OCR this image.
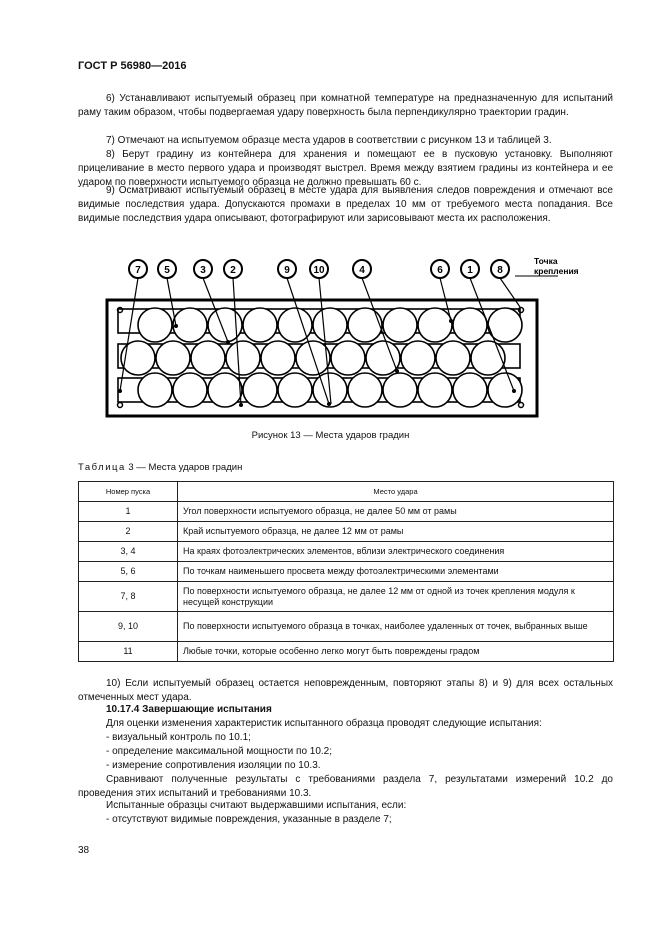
ГОСТ Р 56980—2016
6) Устанавливают испытуемый образец при комнатной температуре на предназначенную для испытаний раму таким образом, чтобы подвергаемая удару поверхность была перпендикулярно траектории градин.
7) Отмечают на испытуемом образце места ударов в соответствии с рисунком 13 и таблицей 3.
8) Берут градину из контейнера для хранения и помещают ее в пусковую установку. Выполняют прицеливание в место первого удара и производят выстрел. Время между взятием градины из контейнера и ее ударом по поверхности испытуемого образца не должно превышать 60 с.
9) Осматривают испытуемый образец в месте удара для выявления следов повреждения и отмечают все видимые последствия удара. Допускаются промахи в пределах 10 мм от требуемого места попадания. Все видимые последствия удара описывают, фотографируют или зарисовывают места их расположения.
7 5	3 2	9 10	4	6 1 8
Точка
крепления
Рисунок 13 — Места ударов градин
Таблица 3 — Места ударов градин
Номер пуска	Место удара
1	Угол поверхности испытуемого образца, не далее 50 мм от рамы
2	Край испытуемого образца, не далее 12 мм от рамы
3, 4	На краях фотоэлектрических элементов, вблизи электрического соединения
5, 6	По точкам наименьшего просвета между фотоэлектрическими элементами
7, 8	По поверхности испытуемого образца, не далее 12 мм от одной из точек крепления модуля к несущей конструкции
9, 10	По поверхности испытуемого образца в точках, наиболее удаленных от точек, выбранных выше
11	Любые точки, которые особенно легко могут быть повреждены градом
10) Если испытуемый образец остается неповрежденным, повторяют этапы 8) и 9) для всех остальных отмеченных мест удара.
10.17.4 Завершающие испытания
Для оценки изменения характеристик испытанного образца проводят следующие испытания:
- визуальный контроль по 10.1;
- определение максимальной мощности по 10.2;
- измерение сопротивления изоляции по 10.3.
Сравнивают полученные результаты с требованиями раздела 7, результатами измерений 10.2 до проведения этих испытаний и требованиями 10.3.
Испытанные образцы считают выдержавшими испытания, если:
- отсутствуют видимые повреждения, указанные в разделе 7;
38
